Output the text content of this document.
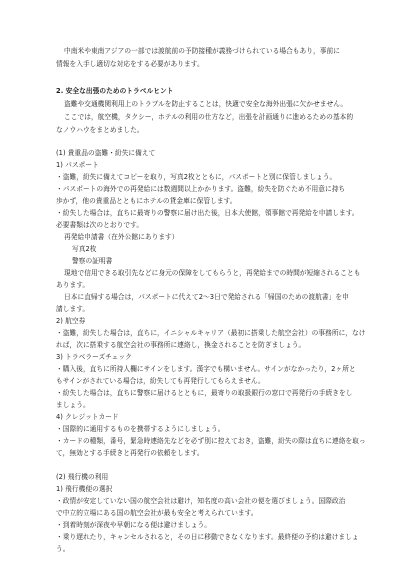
中南米や東南アジアの一部では渡航前の予防接種が義務づけられている場合もあり，事前に
情報を入手し適切な対応をする必要があります。
2. 安全な出張のためのトラベルヒント
盗難や交通機関利用上のトラブルを防止することは，快適で安全な海外出張に欠かせません。
ここでは，航空機，タクシー，ホテルの利用の仕方など，出張を計画通りに進めるための基本的
なノウハウをまとめました。
(1) 貴重品の盗難・紛失に備えて
1) パスポート
・盗難，紛失に備えてコピーを取り，写真2枚とともに，パスポートと別に保管しましょう。
・パスポートの海外での再発給には数週間以上かかります。盗難，紛失を防ぐため不用意に持ち
歩かず，他の貴重品とともにホテルの貸金庫に保管します。
・紛失した場合は，直ちに最寄りの警察に届け出た後，日本大使館，領事館で再発給を申請します。
必要書類は次のとおりです。
再発給申請書（在外公館にあります）
写真2枚
警察の証明書
現地で信用できる取引先などに身元の保障をしてもらうと，再発給までの時間が短縮されることも
あります。
日本に直帰する場合は，パスポートに代えて2〜3日で発給される「帰国のための渡航書」を申
請します。
2) 航空券
・盗難，紛失した場合は，直ちに，イニシャルキャリア（最初に搭乗した航空会社）の事務所に，なけ
れば，次に搭乗する航空会社の事務所に連絡し，換金されることを防ぎましょう。
3) トラベラーズチェック
・購入後，直ちに所持人欄にサインをします。漢字でも構いません。サインがなかったり，2ヶ所と
もサインがされている場合は，紛失しても再発行してもらえません。
・紛失した場合は，直ちに警察に届けるとともに，最寄りの取扱銀行の窓口で再発行の手続きをし
ましょう。
4) クレジットカード
・国際的に通用するものを携帯するようにしましょう。
・カードの種類，番号，緊急時連絡先などを必ず別に控えておき，盗難，紛失の際は直ちに連絡を取っ
て，無効とする手続きと再発行の依頼をします。
(2) 飛行機の利用
1) 飛行機便の選択
・政情が安定していない国の航空会社は避け，知名度の高い会社の便を選びましょう。国際政治
で中立的立場にある国の航空会社が最も安全と考えられています。
・到着時刻が深夜や早朝になる便は避けましょう。
・乗り遅れたり，キャンセルされると，その日に移動できなくなります。最終便の予約は避けましょ
う。
